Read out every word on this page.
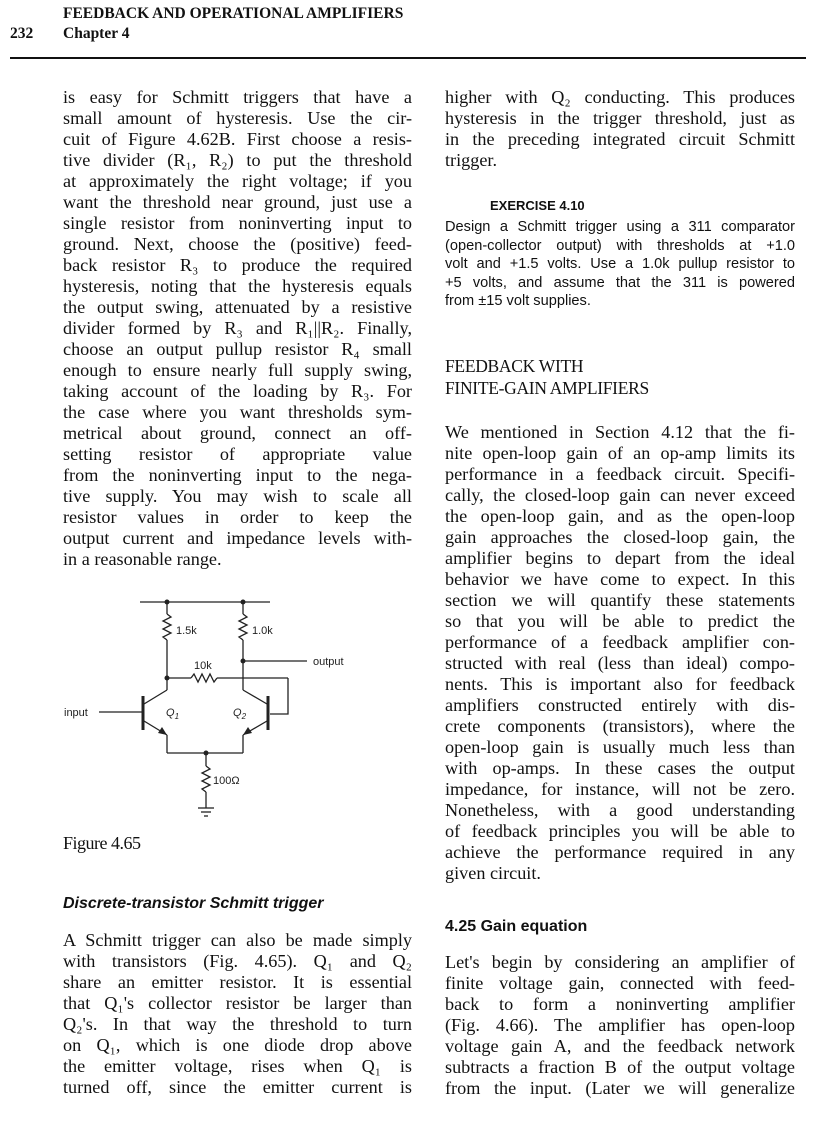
FEEDBACK AND OPERATIONAL AMPLIFIERS
232 Chapter 4
is easy for Schmitt triggers that have a
small amount of hysteresis. Use the cir-
cuit of Figure 4.62B. First choose a resis-
tive divider (R₁, R₂) to put the threshold
at approximately the right voltage; if you
want the threshold near ground, just use a
single resistor from noninverting input to
ground. Next, choose the (positive) feed-
back resistor R₃ to produce the required
hysteresis, noting that the hysteresis equals
the output swing, attenuated by a resistive
divider formed by R₃ and R₁||R₂. Finally,
choose an output pullup resistor R₄ small
enough to ensure nearly full supply swing,
taking account of the loading by R₃. For
the case where you want thresholds sym-
metrical about ground, connect an off-
setting resistor of appropriate value
from the noninverting input to the nega-
tive supply. You may wish to scale all
resistor values in order to keep the
output current and impedance levels with-
in a reasonable range.
1.5k	1.0k
10k	output
input	$Q_1$	$Q_2$
100Ω
Figure 4.65
Discrete-transistor Schmitt trigger
A Schmitt trigger can also be made simply
with transistors (Fig. 4.65). Q₁ and Q₂
share an emitter resistor. It is essential
that Q₁'s collector resistor be larger than
Q₂'s. In that way the threshold to turn
on Q₁, which is one diode drop above
the emitter voltage, rises when Q₁ is
turned off, since the emitter current is
higher with Q₂ conducting. This produces
hysteresis in the trigger threshold, just as
in the preceding integrated circuit Schmitt
trigger.
EXERCISE 4.10
Design a Schmitt trigger using a 311 comparator
(open-collector output) with thresholds at +1.0
volt and +1.5 volts. Use a 1.0k pullup resistor to
+5 volts, and assume that the 311 is powered
from ±15 volt supplies.
FEEDBACK WITH
FINITE-GAIN AMPLIFIERS
We mentioned in Section 4.12 that the fi-
nite open-loop gain of an op-amp limits its
performance in a feedback circuit. Specifi-
cally, the closed-loop gain can never exceed
the open-loop gain, and as the open-loop
gain approaches the closed-loop gain, the
amplifier begins to depart from the ideal
behavior we have come to expect. In this
section we will quantify these statements
so that you will be able to predict the
performance of a feedback amplifier con-
structed with real (less than ideal) compo-
nents. This is important also for feedback
amplifiers constructed entirely with dis-
crete components (transistors), where the
open-loop gain is usually much less than
with op-amps. In these cases the output
impedance, for instance, will not be zero.
Nonetheless, with a good understanding
of feedback principles you will be able to
achieve the performance required in any
given circuit.
4.25 Gain equation
Let's begin by considering an amplifier of
finite voltage gain, connected with feed-
back to form a noninverting amplifier
(Fig. 4.66). The amplifier has open-loop
voltage gain A, and the feedback network
subtracts a fraction B of the output voltage
from the input. (Later we will generalize
